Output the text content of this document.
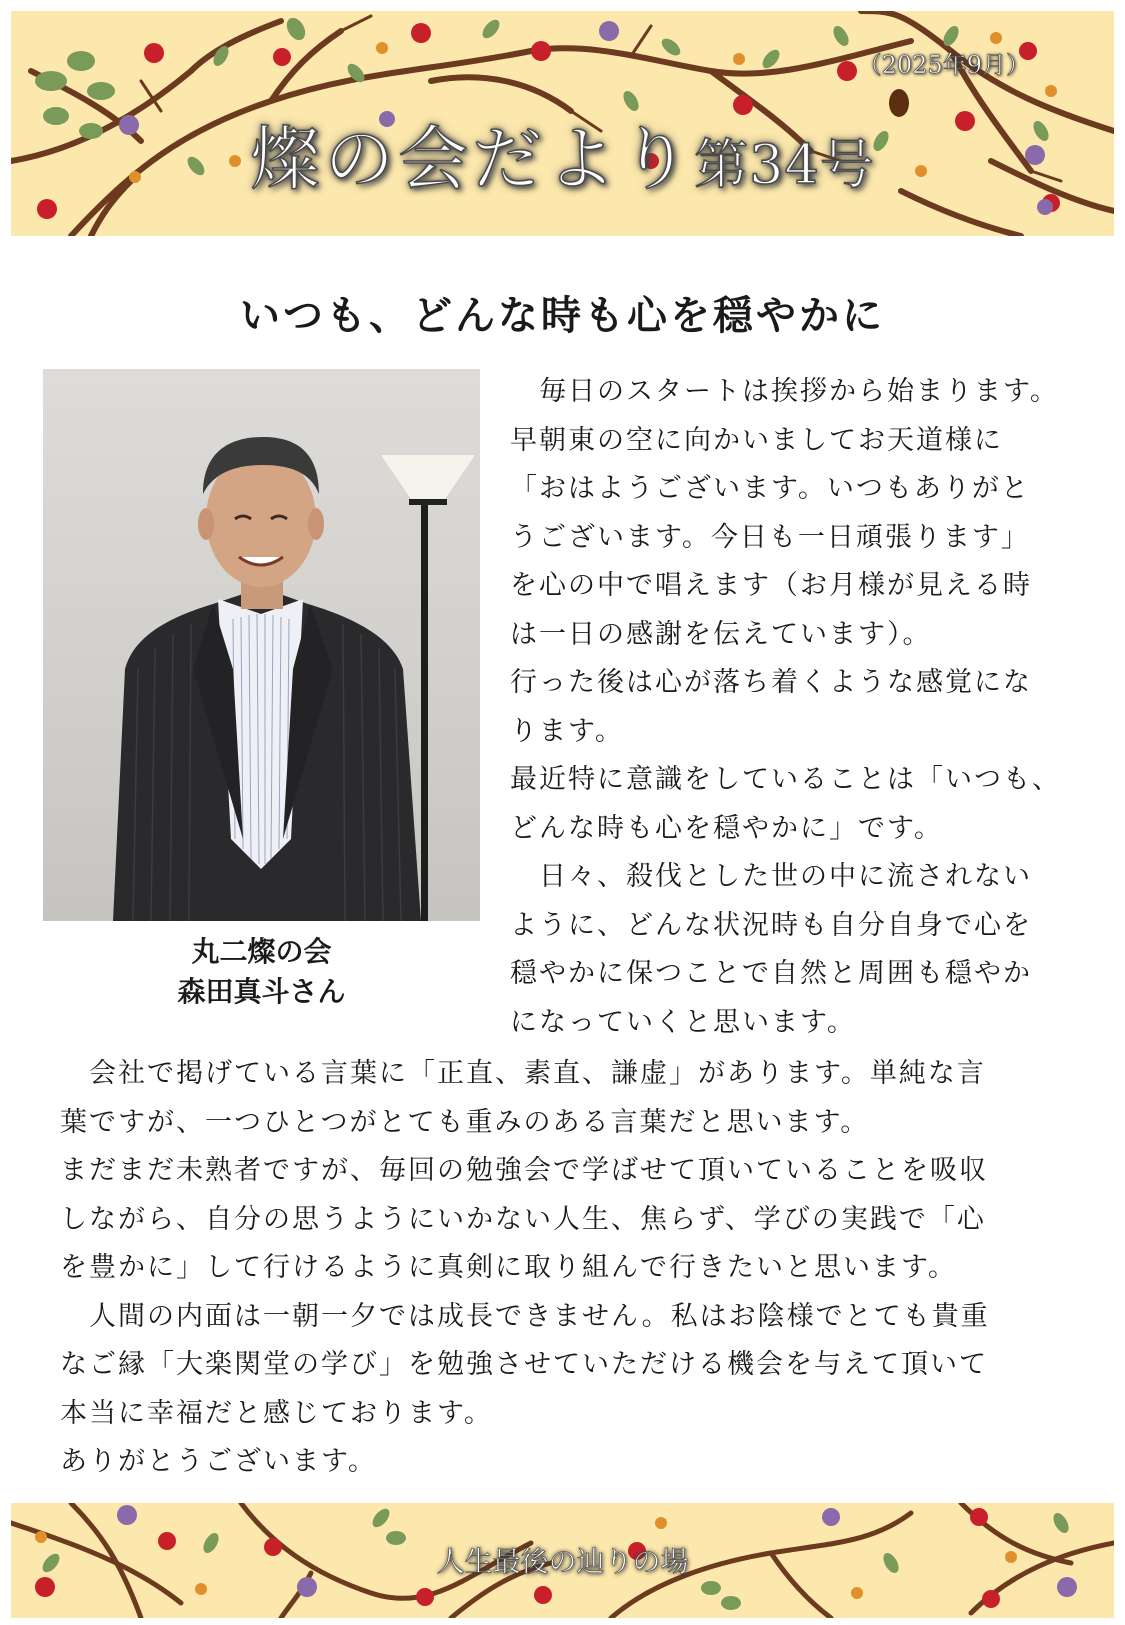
（2025年9月）
燦の会だより第34号
いつも、どんな時も心を穏やかに
丸二燦の会
森田真斗さん

　毎日のスタートは挨拶から始まります。

早朝東の空に向かいましてお天道様に

「おはようございます。いつもありがと

うございます。今日も一日頑張ります」

を心の中で唱えます（お月様が見える時

は一日の感謝を伝えています）。

行った後は心が落ち着くような感覚にな

ります。

最近特に意識をしていることは「いつも、

どんな時も心を穏やかに」です。

　日々、殺伐とした世の中に流されない

ように、どんな状況時も自分自身で心を

穏やかに保つことで自然と周囲も穏やか

になっていくと思います。

　会社で掲げている言葉に「正直、素直、謙虚」があります。単純な言

葉ですが、一つひとつがとても重みのある言葉だと思います。

まだまだ未熟者ですが、毎回の勉強会で学ばせて頂いていることを吸収

しながら、自分の思うようにいかない人生、焦らず、学びの実践で「心

を豊かに」して行けるように真剣に取り組んで行きたいと思います。

　人間の内面は一朝一夕では成長できません。私はお陰様でとても貴重

なご縁「大楽関堂の学び」を勉強させていただける機会を与えて頂いて

本当に幸福だと感じております。

ありがとうございます。

人生最後の辿りの場
